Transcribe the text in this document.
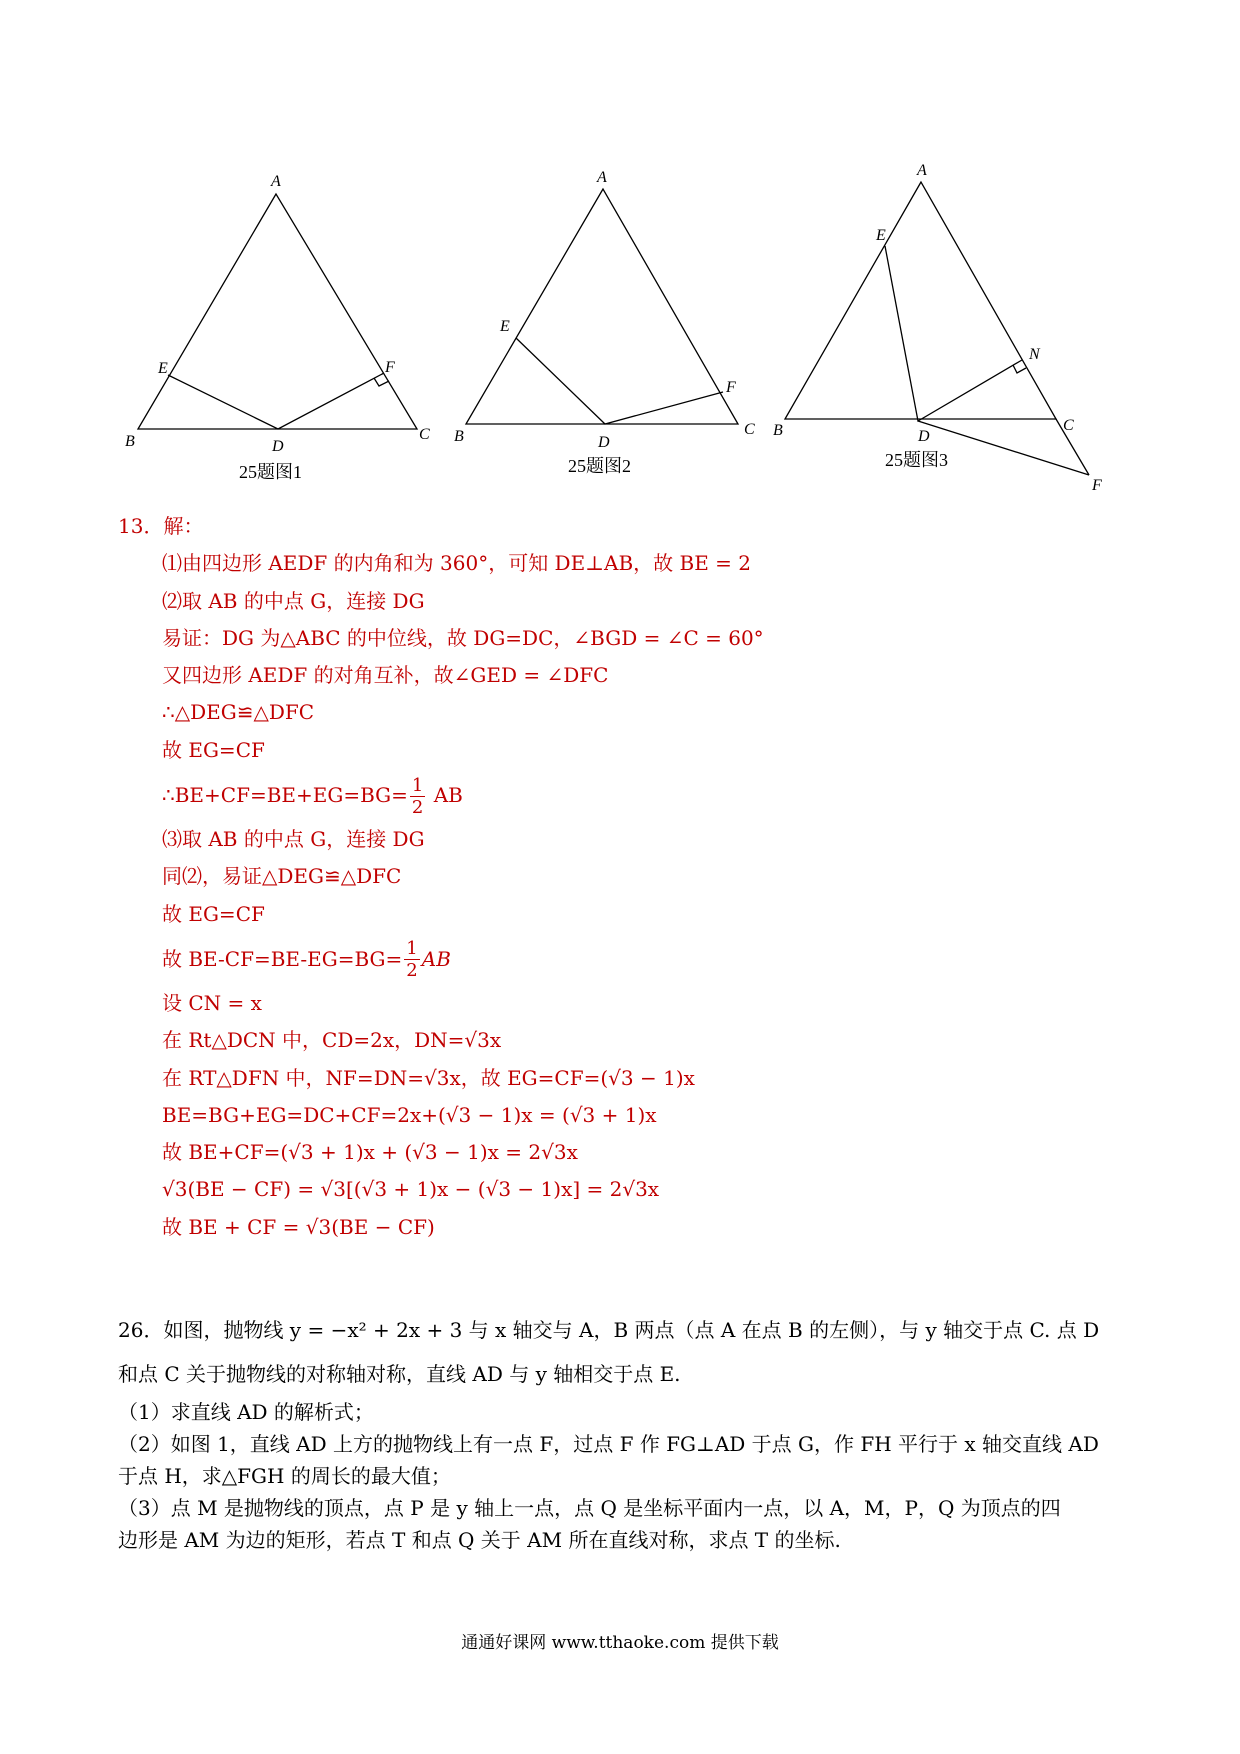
A
B	C
D
E	F
25题图1
A
B	C
D
E
F
25题图2
A
B	C
D
E
F
N
25题图3
13．解：
⑴由四边形 AEDF 的内角和为 360°，可知 DE⊥AB，故 BE = 2
⑵取 AB 的中点 G，连接 DG
易证：DG 为△ABC 的中位线，故 DG=DC，∠BGD = ∠C = 60°
又四边形 AEDF 的对角互补，故∠GED = ∠DFC
∴△DEG≌△DFC
故 EG=CF
∴BE+CF=BE+EG=BG= $\frac{1}{2}$ AB
⑶取 AB 的中点 G，连接 DG
同⑵，易证△DEG≌△DFC
故 EG=CF
故 $BE-CF=BE-EG=BG= \frac{1}{2}$ AB
设 CN = x
在 Rt△DCN 中，CD=2x，DN=√3x
在 RT△DFN 中，NF=DN=√3x，故 EG=CF=(√3 − 1)x
BE=BG+EG=DC+CF=2x+(√3 − 1)x = (√3 + 1)x
故 BE+CF=(√3 + 1)x + (√3 − 1)x = 2√3x
√3(BE − CF) = √3[(√3 + 1)x − (√3 − 1)x] = 2√3x
故 BE + CF = √3(BE − CF)
26．如图，抛物线 y = −x² + 2x + 3 与 x 轴交与 A，B 两点（点 A 在点 B 的左侧），与 y 轴交于点 C. 点 D
和点 C 关于抛物线的对称轴对称，直线 AD 与 y 轴相交于点 E.
（1）求直线 AD 的解析式；
（2）如图 1，直线 AD 上方的抛物线上有一点 F，过点 F 作 FG⊥AD 于点 G，作 FH 平行于 x 轴交直线 AD
于点 H，求△FGH 的周长的最大值；
（3）点 M 是抛物线的顶点，点 P 是 y 轴上一点，点 Q 是坐标平面内一点，以 A，M，P，Q 为顶点的四
边形是 AM 为边的矩形，若点 T 和点 Q 关于 AM 所在直线对称，求点 T 的坐标.
通通好课网 www.tthaoke.com 提供下载
